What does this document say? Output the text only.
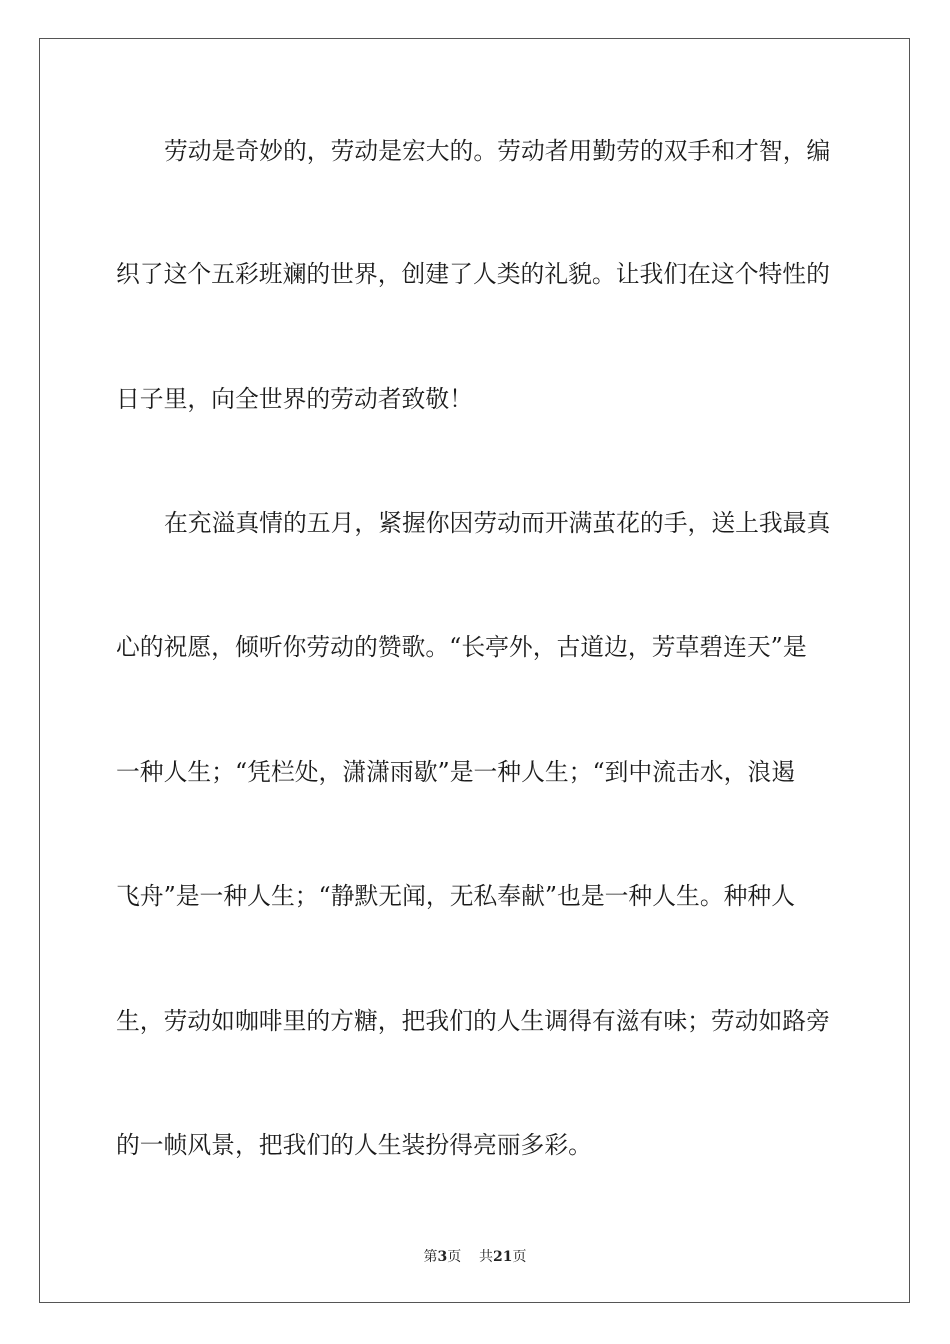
劳动是奇妙的，劳动是宏大的。劳动者用勤劳的双手和才智，编
织了这个五彩班斓的世界，创建了人类的礼貌。让我们在这个特性的
日子里，向全世界的劳动者致敬！
在充溢真情的五月，紧握你因劳动而开满茧花的手，送上我最真
心的祝愿，倾听你劳动的赞歌。“长亭外，古道边，芳草碧连天”是
一种人生；“凭栏处，潇潇雨歇”是一种人生；“到中流击水，浪遏
飞舟”是一种人生；“静默无闻，无私奉献”也是一种人生。种种人
生，劳动如咖啡里的方糖，把我们的人生调得有滋有味；劳动如路旁
的一帧风景，把我们的人生装扮得亮丽多彩。
第3页 共21页
